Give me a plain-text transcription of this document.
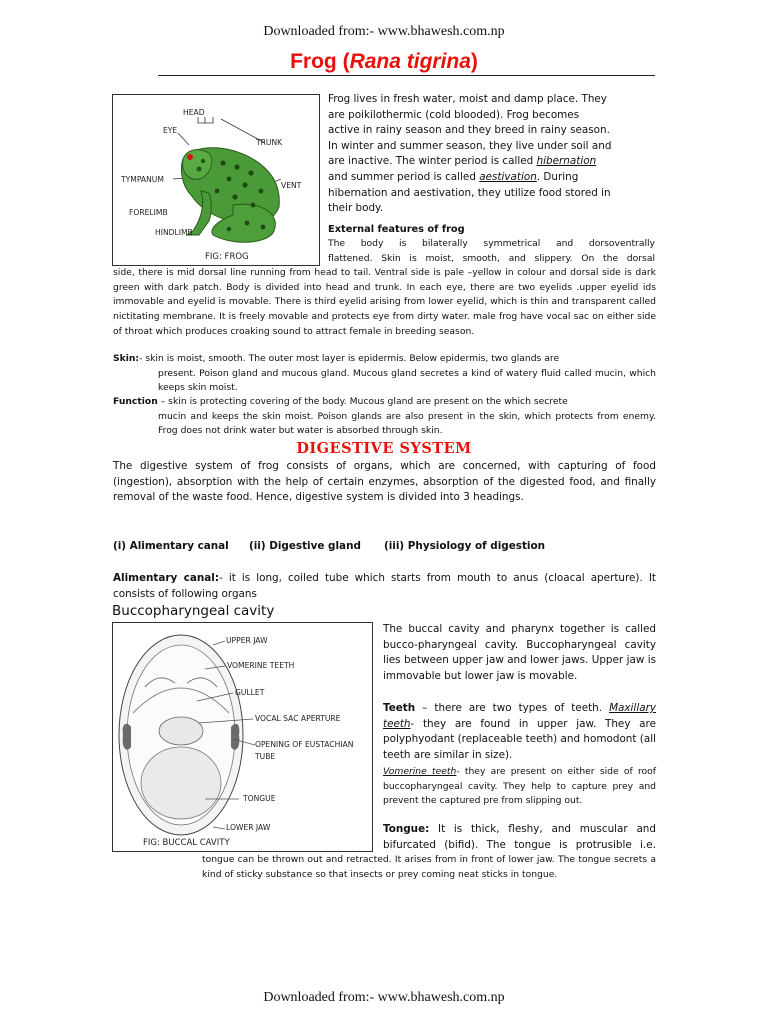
Downloaded from:- www.bhawesh.com.np
Frog (Rana tigrina)
HEAD
EYE
TRUNK
TYMPANUM
VENT
FORELIMB
HINDLIMB
FIG: FROG

Frog lives in fresh water, moist and damp place. They
are poikilothermic (cold blooded). Frog becomes
active in rainy season and they breed in rainy season.
In winter and summer season, they live under soil and
are inactive. The winter period is called hibernation
and summer period is called aestivation. During
hibernation and aestivation, they utilize food stored in
their body.

External features of frog

The body is bilaterally symmetrical and dorsoventrally

flattened. Skin is moist, smooth, and slippery. On the dorsal

side, there is mid dorsal line running from head to tail. Ventral side is pale –yellow in colour and dorsal side is dark green with dark patch. Body is divided into head and trunk. In each eye, there are two eyelids .upper eyelid ids immovable and eyelid is movable. There is third eyelid arising from lower eyelid, which is thin and transparent called nictitating membrane. It is freely movable and protects eye from dirty water. male frog have vocal sac on either side of throat which produces croaking sound to attract female in breeding season.

Skin:- skin is moist, smooth. The outer most layer is epidermis. Below epidermis, two glands are
present. Poison gland and mucous gland. Mucous gland secretes a kind of watery fluid called mucin, which keeps skin moist.

Function – skin is protecting covering of the body. Mucous gland are present on the which secrete
mucin and keeps the skin moist. Poison glands are also present in the skin, which protects from enemy. Frog does not drink water but water is absorbed through skin.

DIGESTIVE SYSTEM

The digestive system of frog consists of organs, which are concerned, with capturing of food (ingestion), absorption with the help of certain enzymes, absorption of the digested food, and finally removal of the waste food. Hence, digestive system is divided into 3 headings.

(i) Alimentary canal	(ii) Digestive gland	(iii) Physiology of digestion

Alimentary canal:- it is long, coiled tube which starts from mouth to anus (cloacal aperture). It consists of following organs

Buccopharyngeal cavity
UPPER JAW
VOMERINE TEETH
GULLET
VOCAL SAC APERTURE
OPENING OF EUSTACHIAN
TUBE
TONGUE
LOWER JAW
FIG: BUCCAL CAVITY

The buccal cavity and pharynx together is called bucco-pharyngeal cavity. Buccopharyngeal cavity lies between upper jaw and lower jaws. Upper jaw is immovable but lower jaw is movable.

Teeth – there are two types of teeth. Maxillary teeth- they are found in upper jaw. They are polyphyodant (replaceable teeth) and homodont (all teeth are similar in size).

Vomerine teeth- they are present on either side of roof buccopharyngeal cavity. They help to capture prey and prevent the captured pre from slipping out.

Tongue: It is thick, fleshy, and muscular and

bifurcated (bifid). The tongue is protrusible i.e.

tongue can be thrown out and retracted. It arises from in front of lower jaw. The tongue secrets a kind of sticky substance so that insects or prey coming neat sticks in tongue.

Downloaded from:- www.bhawesh.com.np
